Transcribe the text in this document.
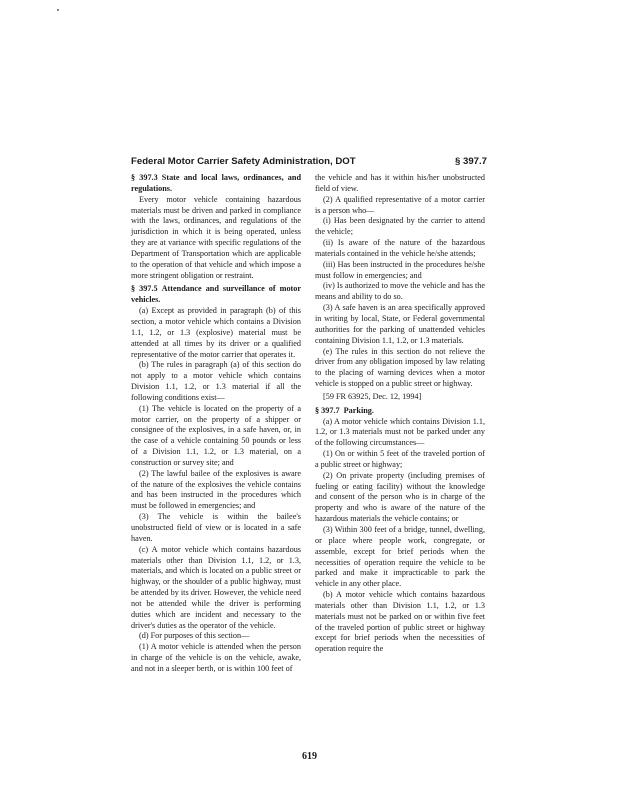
Federal Motor Carrier Safety Administration, DOT	§ 397.7

§ 397.3  State and local laws, ordinances, and regulations.

Every motor vehicle containing hazardous materials must be driven and parked in compliance with the laws, ordinances, and regulations of the jurisdiction in which it is being operated, unless they are at variance with specific regulations of the Department of Transportation which are applicable to the operation of that vehicle and which impose a more stringent obligation or restraint.

§ 397.5  Attendance and surveillance of motor vehicles.

(a) Except as provided in paragraph (b) of this section, a motor vehicle which contains a Division 1.1, 1.2, or 1.3 (explosive) material must be attended at all times by its driver or a qualified representative of the motor carrier that operates it.

(b) The rules in paragraph (a) of this section do not apply to a motor vehicle which contains Division 1.1, 1.2, or 1.3 material if all the following conditions exist—

(1) The vehicle is located on the property of a motor carrier, on the property of a shipper or consignee of the explosives, in a safe haven, or, in the case of a vehicle containing 50 pounds or less of a Division 1.1, 1.2, or 1.3 material, on a construction or survey site; and

(2) The lawful bailee of the explosives is aware of the nature of the explosives the vehicle contains and has been instructed in the procedures which must be followed in emergencies; and

(3) The vehicle is within the bailee's unobstructed field of view or is located in a safe haven.

(c) A motor vehicle which contains hazardous materials other than Division 1.1, 1.2, or 1.3, materials, and which is located on a public street or highway, or the shoulder of a public highway, must be attended by its driver. However, the vehicle need not be attended while the driver is performing duties which are incident and necessary to the driver's duties as the operator of the vehicle.

(d) For purposes of this section—

(1) A motor vehicle is attended when the person in charge of the vehicle is on the vehicle, awake, and not in a sleeper berth, or is within 100 feet of

the vehicle and has it within his/her unobstructed field of view.

(2) A qualified representative of a motor carrier is a person who—

(i) Has been designated by the carrier to attend the vehicle;

(ii) Is aware of the nature of the hazardous materials contained in the vehicle he/she attends;

(iii) Has been instructed in the procedures he/she must follow in emergencies; and

(iv) Is authorized to move the vehicle and has the means and ability to do so.

(3) A safe haven is an area specifically approved in writing by local, State, or Federal governmental authorities for the parking of unattended vehicles containing Division 1.1, 1.2, or 1.3 materials.

(e) The rules in this section do not relieve the driver from any obligation imposed by law relating to the placing of warning devices when a motor vehicle is stopped on a public street or highway.

[59 FR 63925, Dec. 12, 1994]

§ 397.7  Parking.

(a) A motor vehicle which contains Division 1.1, 1.2, or 1.3 materials must not be parked under any of the following circumstances—

(1) On or within 5 feet of the traveled portion of a public street or highway;

(2) On private property (including premises of fueling or eating facility) without the knowledge and consent of the person who is in charge of the property and who is aware of the nature of the hazardous materials the vehicle contains; or

(3) Within 300 feet of a bridge, tunnel, dwelling, or place where people work, congregate, or assemble, except for brief periods when the necessities of operation require the vehicle to be parked and make it impracticable to park the vehicle in any other place.

(b) A motor vehicle which contains hazardous materials other than Division 1.1, 1.2, or 1.3 materials must not be parked on or within five feet of the traveled portion of public street or highway except for brief periods when the necessities of operation require the

619
